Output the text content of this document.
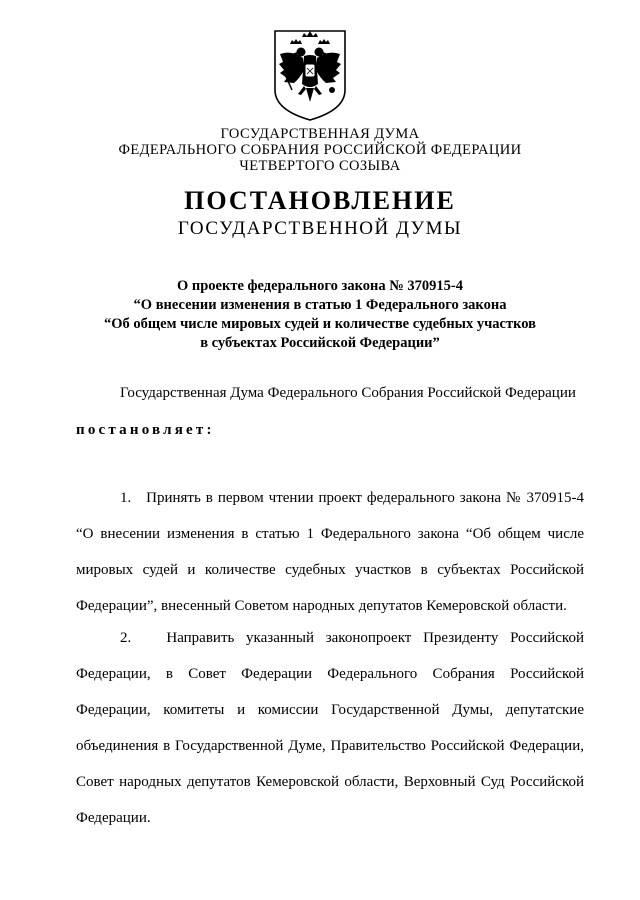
ГОСУДАРСТВЕННАЯ ДУМА
ФЕДЕРАЛЬНОГО СОБРАНИЯ РОССИЙСКОЙ ФЕДЕРАЦИИ
ЧЕТВЕРТОГО СОЗЫВА
ПОСТАНОВЛЕНИЕ
ГОСУДАРСТВЕННОЙ ДУМЫ
О проекте федерального закона № 370915-4
“О внесении изменения в статью 1 Федерального закона
“Об общем числе мировых судей и количестве судебных участков
в субъектах Российской Федерации”
Государственная Дума Федерального Собрания Российской Федерации
постановляет:
1. Принять в первом чтении проект федерального закона № 370915-4 “О внесении изменения в статью 1 Федерального закона “Об общем числе мировых судей и количестве судебных участков в субъектах Российской Федерации”, внесенный Советом народных депутатов Кемеровской области.
2. Направить указанный законопроект Президенту Российской Федерации, в Совет Федерации Федерального Собрания Российской Федерации, комитеты и комиссии Государственной Думы, депутатские объединения в Государственной Думе, Правительство Российской Федерации, Совет народных депутатов Кемеровской области, Верховный Суд Российской Федерации.
